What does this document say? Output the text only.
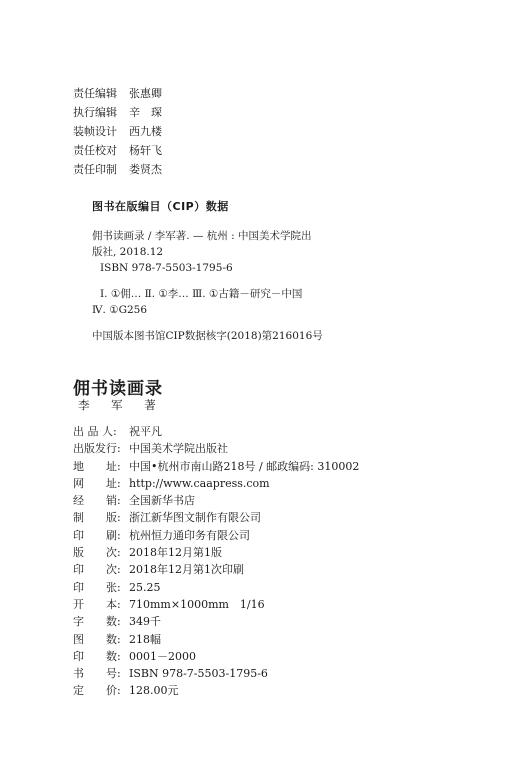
责任编辑 张惠卿
执行编辑 辛　琛
装帧设计 西九楼
责任校对 杨轩飞
责任印制 娄贤杰
图书在版编目（CIP）数据
佣书读画录 / 李军著. — 杭州 : 中国美术学院出
版社, 2018.12
ISBN 978-7-5503-1795-6
Ⅰ. ①佣… Ⅱ. ①李… Ⅲ. ①古籍－研究－中国
Ⅳ. ①G256
中国版本图书馆CIP数据核字(2018)第216016号
佣书读画录
李 军 著
出 品 人: 祝平凡
出版发行: 中国美术学院出版社
地　　址: 中国•杭州市南山路218号 / 邮政编码: 310002
网　　址: http://www.caapress.com
经　　销: 全国新华书店
制　　版: 浙江新华图文制作有限公司
印　　刷: 杭州恒力通印务有限公司
版　　次: 2018年12月第1版
印　　次: 2018年12月第1次印刷
印　　张: 25.25
开　　本: 710mm×1000mm　1/16
字　　数: 349千
图　　数: 218幅
印　　数: 0001－2000
书　　号: ISBN 978-7-5503-1795-6
定　　价: 128.00元
